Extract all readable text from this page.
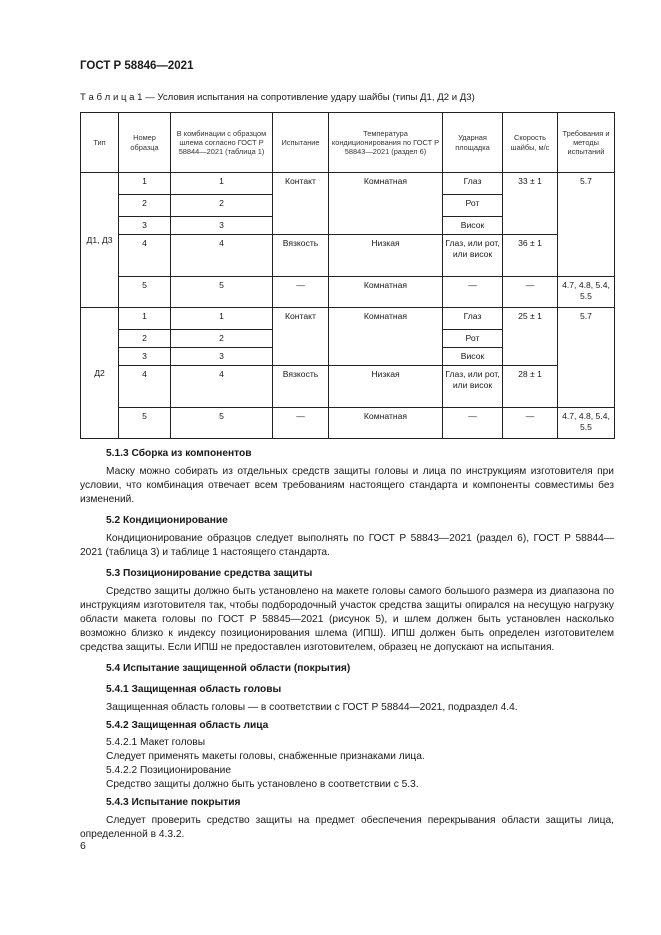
ГОСТ Р 58846—2021
Т а б л и ц а 1 — Условия испытания на сопротивление удару шайбы (типы Д1, Д2 и Д3)
Тип	Номер образца	В комбинации с образцом шлема согласно ГОСТ Р 58844—2021 (таблица 1)	Испытание	Температура кондиционирования по ГОСТ Р 58843—2021 (раздел 6)	Ударная площадка	Скорость шайбы, м/с	Требования и методы испытаний
Д1, Д3	1	1	Контакт	Комнатная	Глаз	33 ± 1	5.7
	2	2			Рот		
	3	3			Висок		
	4	4	Вязкость	Низкая	Глаз, или рот, или висок	36 ± 1	
	5	5	—	Комнатная	—	—	4.7, 4.8, 5.4, 5.5
Д2	1	1	Контакт	Комнатная	Глаз	25 ± 1	5.7
	2	2			Рот		
	3	3			Висок		
	4	4	Вязкость	Низкая	Глаз, или рот, или висок	28 ± 1	
	5	5	—	Комнатная	—	—	4.7, 4.8, 5.4, 5.5

5.1.3 Сборка из компонентов

Маску можно собирать из отдельных средств защиты головы и лица по инструкциям изготовителя при условии, что комбинация отвечает всем требованиям настоящего стандарта и компоненты совместимы без изменений.

5.2 Кондиционирование

Кондиционирование образцов следует выполнять по ГОСТ Р 58843—2021 (раздел 6), ГОСТ Р 58844—2021 (таблица 3) и таблице 1 настоящего стандарта.

5.3 Позиционирование средства защиты

Средство защиты должно быть установлено на макете головы самого большого размера из диапазона по инструкциям изготовителя так, чтобы подбородочный участок средства защиты опирался на несущую нагрузку области макета головы по ГОСТ Р 58845—2021 (рисунок 5), и шлем должен быть установлен насколько возможно близко к индексу позиционирования шлема (ИПШ). ИПШ должен быть определен изготовителем средства защиты. Если ИПШ не предоставлен изготовителем, образец не допускают на испытания.

5.4 Испытание защищенной области (покрытия)

5.4.1 Защищенная область головы

Защищенная область головы — в соответствии с ГОСТ Р 58844—2021, подраздел 4.4.

5.4.2 Защищенная область лица

5.4.2.1 Макет головы

Следует применять макеты головы, снабженные признаками лица.

5.4.2.2 Позиционирование

Средство защиты должно быть установлено в соответствии с 5.3.

5.4.3 Испытание покрытия

Следует проверить средство защиты на предмет обеспечения перекрывания области защиты лица, определенной в 4.3.2.

6
